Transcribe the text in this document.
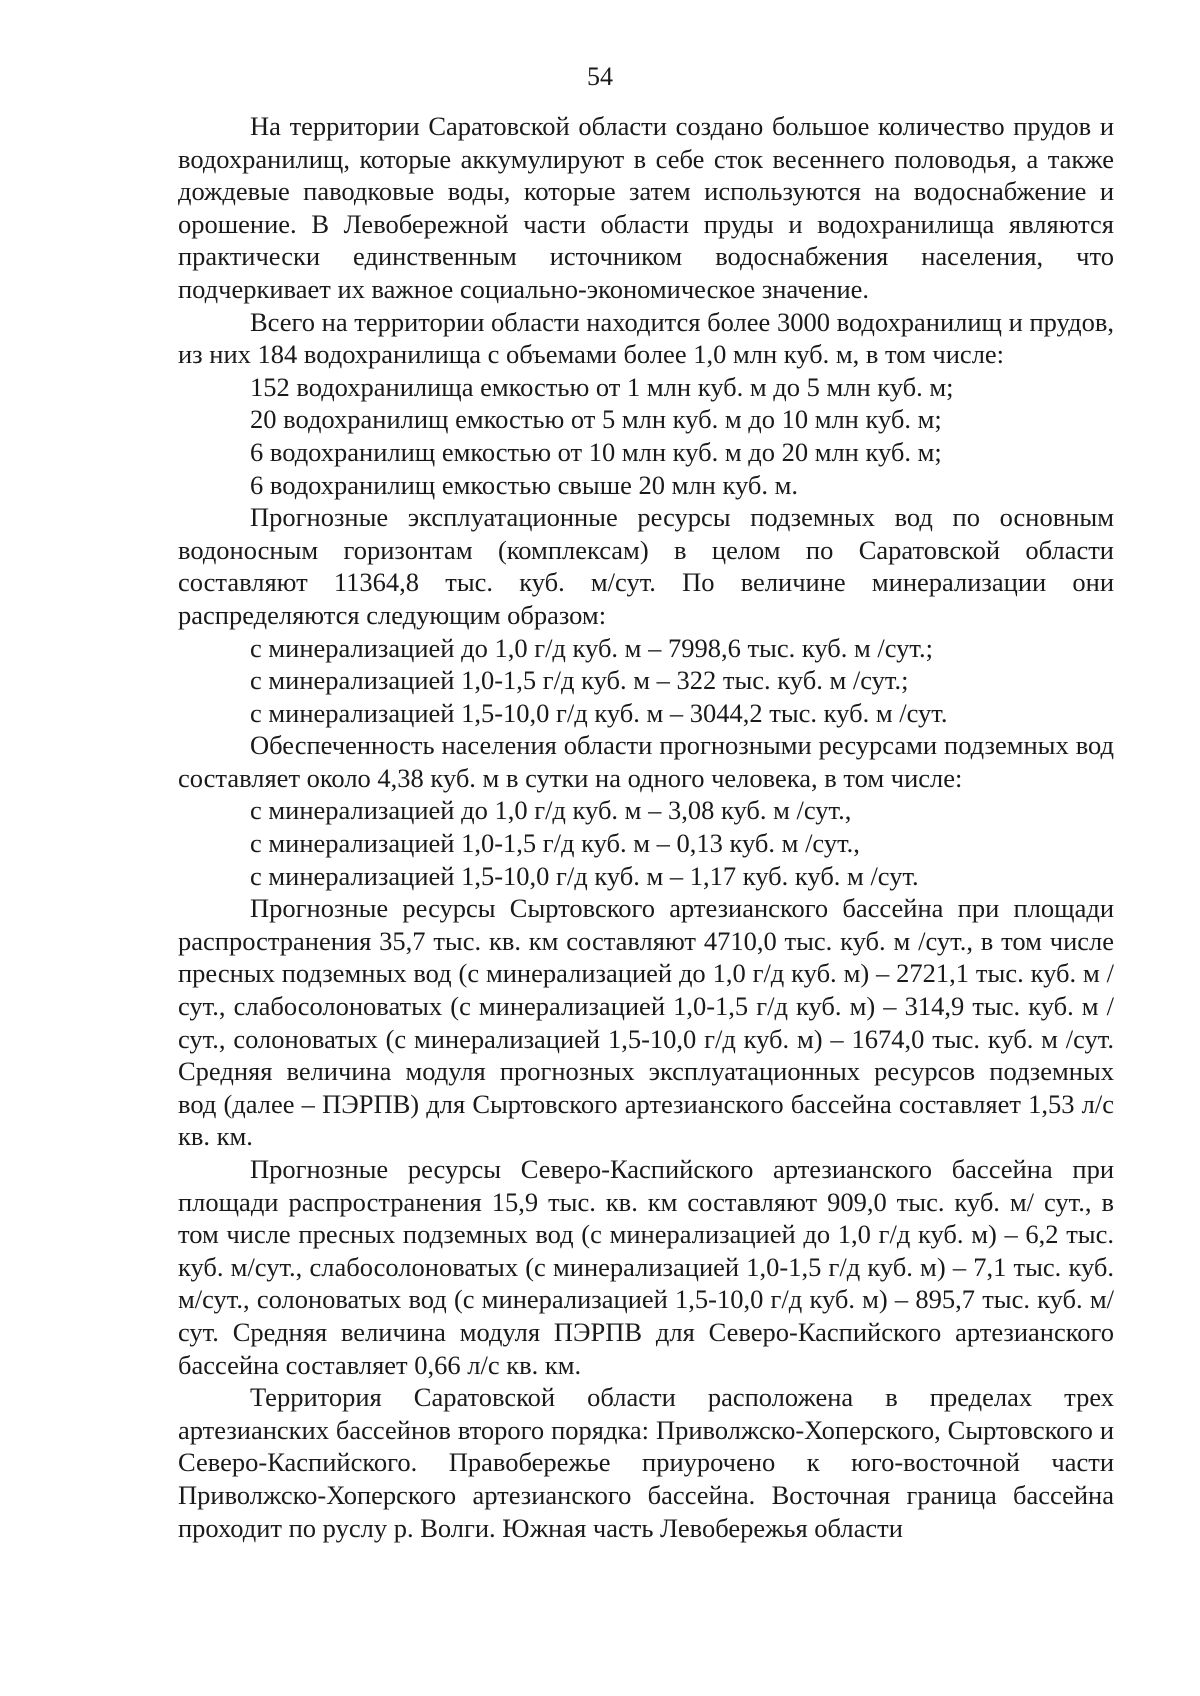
54

На территории Саратовской области создано большое количество прудов и водохранилищ, которые аккумулируют в себе сток весеннего половодья, а также дождевые паводковые воды, которые затем используются на водоснабжение и орошение. В Левобережной части области пруды и водохранилища являются практически единственным источником водоснабжения населения, что подчеркивает их важное социально-экономическое значение.

Всего на территории области находится более 3000 водохранилищ и прудов, из них 184 водохранилища с объемами более 1,0 млн куб. м, в том числе:

152 водохранилища емкостью от 1 млн куб. м до 5 млн куб. м;

20 водохранилищ емкостью от 5 млн куб. м до 10 млн куб. м;

6 водохранилищ емкостью от 10 млн куб. м до 20 млн куб. м;

6 водохранилищ емкостью свыше 20 млн куб. м.

Прогнозные эксплуатационные ресурсы подземных вод по основным водоносным горизонтам (комплексам) в целом по Саратовской области составляют 11364,8 тыс. куб. м/сут. По величине минерализации они распределяются следующим образом:

с минерализацией до 1,0 г/д куб. м – 7998,6 тыс. куб. м /сут.;

с минерализацией 1,0-1,5 г/д куб. м – 322 тыс. куб. м /сут.;

с минерализацией 1,5-10,0 г/д куб. м – 3044,2 тыс. куб. м /сут.

Обеспеченность населения области прогнозными ресурсами подземных вод составляет около 4,38 куб. м в сутки на одного человека, в том числе:

с минерализацией до 1,0 г/д куб. м – 3,08 куб. м /сут.,

с минерализацией 1,0-1,5 г/д куб. м – 0,13 куб. м /сут.,

с минерализацией 1,5-10,0 г/д куб. м – 1,17 куб. куб. м /сут.

Прогнозные ресурсы Сыртовского артезианского бассейна при площади распространения 35,7 тыс. кв. км составляют 4710,0 тыс. куб. м /сут., в том числе пресных подземных вод (с минерализацией до 1,0 г/д куб. м) – 2721,1 тыс. куб. м /сут., слабосолоноватых (с минерализацией 1,0-1,5 г/д куб. м) – 314,9 тыс. куб. м /сут., солоноватых (с минерализацией 1,5-10,0 г/д куб. м) – 1674,0 тыс. куб. м /сут. Средняя величина модуля прогнозных эксплуатационных ресурсов подземных вод (далее – ПЭРПВ) для Сыртовского артезианского бассейна составляет 1,53 л/с кв. км.

Прогнозные ресурсы Северо-Каспийского артезианского бассейна при площади распространения 15,9 тыс. кв. км составляют 909,0 тыс. куб. м/ сут., в том числе пресных подземных вод (с минерализацией до 1,0 г/д куб. м) – 6,2 тыс. куб. м/сут., слабосолоноватых (с минерализацией 1,0-1,5 г/д куб. м) – 7,1 тыс. куб. м/сут., солоноватых вод (с минерализацией 1,5-10,0 г/д куб. м) – 895,7 тыс. куб. м/сут. Средняя величина модуля ПЭРПВ для Северо-Каспийского артезианского бассейна составляет 0,66 л/с кв. км.

Территория Саратовской области расположена в пределах трех артезианских бассейнов второго порядка: Приволжско-Хоперского, Сыртовского и Северо-Каспийского. Правобережье приурочено к юго-восточной части Приволжско-Хоперского артезианского бассейна. Восточная граница бассейна проходит по руслу р. Волги. Южная часть Левобережья области
